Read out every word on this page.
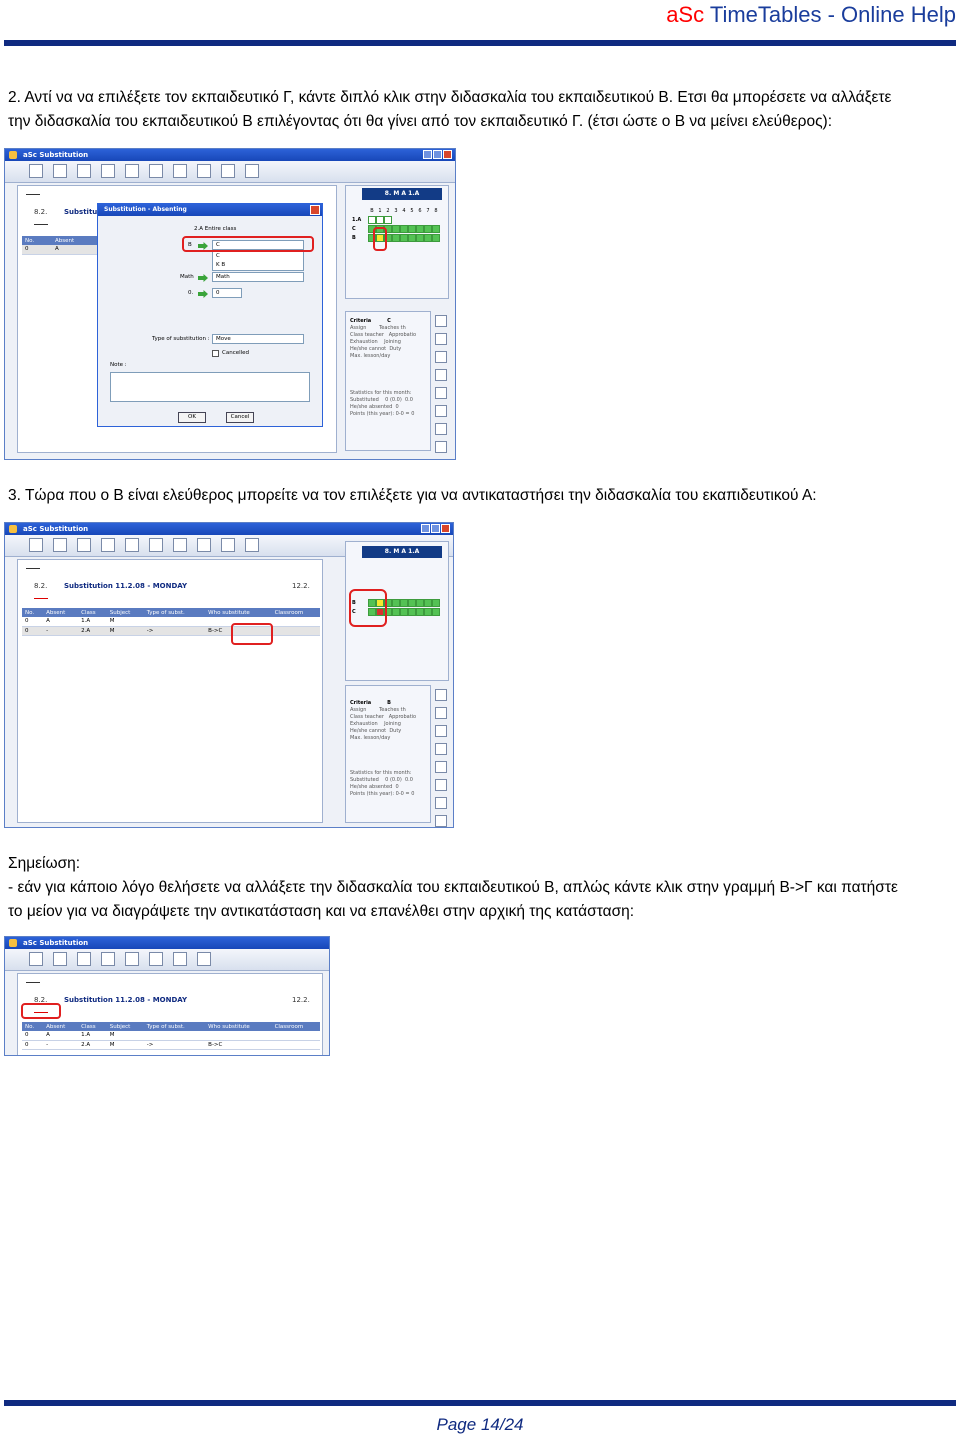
aSc TimeTables - Online Help
2. Αντί να να επιλέξετε τον εκπαιδευτικό Γ, κάντε διπλό κλικ στην διδασκαλία του εκπαιδευτικού Β. Ετσι θα μπορέσετε να αλλάξετε
την διδασκαλία του εκπαιδευτικού Β επιλέγοντας ότι θα γίνει από τον εκπαιδευτικό Γ. (έτσι ώστε ο Β να μείνει ελεύθερος):
aSc Substitution
8.2. Substitu
No.	Absent
0	A
8. M A 1.A
B 1 2 3 4 5 6 7 8
1.A
C
B
Criteria	C
Assign	Teaches th
Class teacher Approbatio
Exhaustion Joining
He/she cannot Duty
Max. lesson/day
Statistics for this month:
Substituted 0 (0.0) 0.0
He/she absented 0
Points (this year): 0-0 = 0
Substitution - Absenting
2.A Entire class
B	C
C
K B
Math	Math
0.	0
Type of substitution :	Move
Cancelled
Note :
OK	Cancel
3. Τώρα που ο Β είναι ελεύθερος μπορείτε να τον επιλέξετε για να αντικαταστήσει την διδασκαλία του εκαπιδευτικού Α:
aSc Substitution
8.2. Substitution 11.2.08 - MONDAY	12.2.
No.	Absent	Class	Subject	Type of subst.	Who substitute	Classroom
0	A	1.A	M			
0	-	2.A	M	->	B->C	
8. M A 1.A
B
C
Criteria	B
Assign	Teaches th
Class teacher Approbatio
Exhaustion Joining
He/she cannot Duty
Max. lesson/day
Statistics for this month:
Substituted 0 (0.0) 0.0
He/she absented 0
Points (this year): 0-0 = 0
Σημείωση:
- εάν για κάποιο λόγο θελήσετε να αλλάξετε την διδασκαλία του εκπαιδευτικού Β, απλώς κάντε κλικ στην γραμμή Β->Γ και πατήστε
το μείον για να διαγράψετε την αντικατάσταση και να επανέλθει στην αρχική της κατάσταση:
aSc Substitution
8.2. Substitution 11.2.08 - MONDAY	12.2.
No.	Absent	Class	Subject	Type of subst.	Who substitute	Classroom
0	A	1.A	M			
0	-	2.A	M	->	B->C	
Page 14/24
